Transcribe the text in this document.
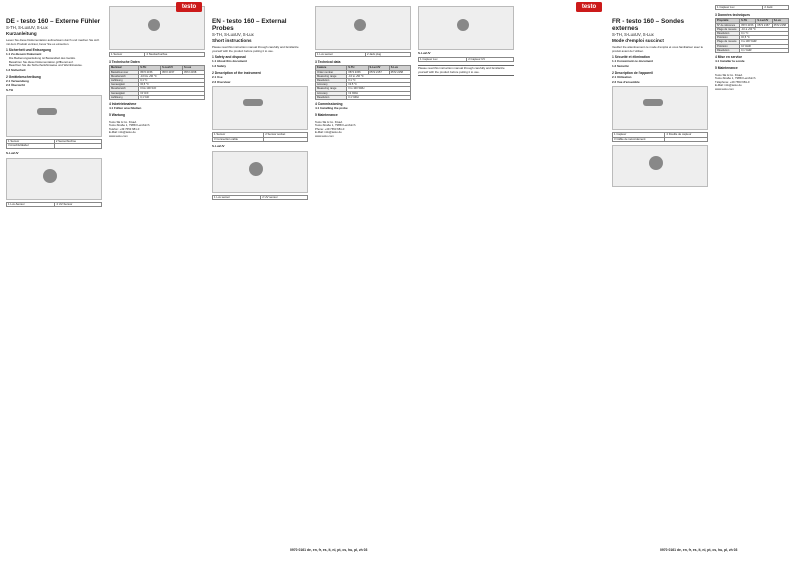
DE - testo 160 – Externe Fühler

S-TH, S-LuxUV, S-Lux

Kurzanleitung

Lesen Sie diese Dokumentation aufmerksam durch und machen Sie sich mit dem Produkt vertraut, bevor Sie es einsetzen.

1 Sicherheit und Entsorgung

1.1 Zu diesem Dokument

Die Bedienungsanleitung ist Bestandteil des Geräts.

Bewahren Sie diese Dokumentation griffbereit auf.

Beachten Sie die Sicherheitshinweise und Warnhinweise.

1.2 Sicherheit

2 Gerätebeschreibung

2.1 Verwendung

2.2 Übersicht

S-TH

1 Sensor	2 Sensorbuchse
3 Anschlußkabel	

S-LuxUV

1 Lux-Sensor	2 UV-Sensor
1 Sensor	2 Steckerbuchse

3 Technische Daten

Merkmal	S-TH	S-LuxUV	S-Lux
Bestellnummer	0572 2156	0572 2157	0572 2158
Messbereich	-10 bis +50 °C		
Auflösung	0,1 °C		
Genauigkeit	±0,5 °C		
Messbereich	0 bis 100 %rF		
Genauigkeit	±2 %rF		
Auflösung	0,1 %rF		

4 Inbetriebnahme

4.1 Fühler anschließen

5 Wartung

Testo SE & Co. KGaA
Testo-Straße 1, 79853 Lenzkirch
Telefon: +49 7653 681-0
E-Mail: info@testo.de
www.testo.com
testo

EN - testo 160 – External Probes

S-TH, S-LuxUV, S-Lux

Short instructions

Please read this instruction manual through carefully and familiarize yourself with the product before putting it to use.

1 Safety and disposal

1.1 About this document

1.2 Safety

2 Description of the instrument

2.1 Use

2.2 Overview

1 Sensor	2 Sensor socket
3 Connection cable	

S-LuxUV

1 Lux sensor	2 UV sensor
1 Lux sensor	2 Jack plug

3 Technical data

Feature	S-TH	S-LuxUV	S-Lux
Order number	0572 2156	0572 2157	0572 2158
Measuring range	-10 to +50 °C		
Resolution	0.1 °C		
Accuracy	±0.5 °C		
Measuring range	0 to 100 %RH		
Accuracy	±2 %RH		
Resolution	0.1 %RH		

4 Commissioning

4.1 Installing the probe

5 Maintenance

Testo SE & Co. KGaA
Testo-Straße 1, 79853 Lenzkirch
Phone: +49 7653 681-0
E-Mail: info@testo.de
www.testo.com
0970 0161 de, en, fr, es, it, nl, pt, cs, hu, pl, zh 03

S-LuxUV

1 Capteur Lux	2 Capteur UV

Please read this instruction manual through carefully and familiarize yourself with the product before putting it to use.

testo

FR - testo 160 – Sondes externes

S-TH, S-LuxUV, S-Lux

Mode d'emploi succinct

Veuillez lire attentivement ce mode d'emploi et vous familiariser avec le produit avant de l'utiliser.

1 Sécurité et élimination

1.1 Concernant ce document

1.2 Sécurité

2 Description de l'appareil

2.1 Utilisation

2.2 Vue d'ensemble

1 Capteur	2 Douille de capteur
3 Câble de raccordement	
1 Capteur Lux	2 Jack

3 Données techniques

Propriété	S-TH	S-LuxUV	S-Lux
N° de référence	0572 2156	0572 2157	0572 2158
Plage de mesure	-10 à +50 °C		
Résolution	0,1 °C		
Précision	±0,5 °C		
Plage de mesure	0 à 100 %HR		
Précision	±2 %HR		
Résolution	0,1 %HR		

4 Mise en service

4.1 Installer la sonde

5 Maintenance

Testo SE & Co. KGaA
Testo-Straße 1, 79853 Lenzkirch
Téléphone: +49 7653 681-0
E-Mail: info@testo.de
www.testo.com
0970 0161 de, en, fr, es, it, nl, pt, cs, hu, pl, zh 03
